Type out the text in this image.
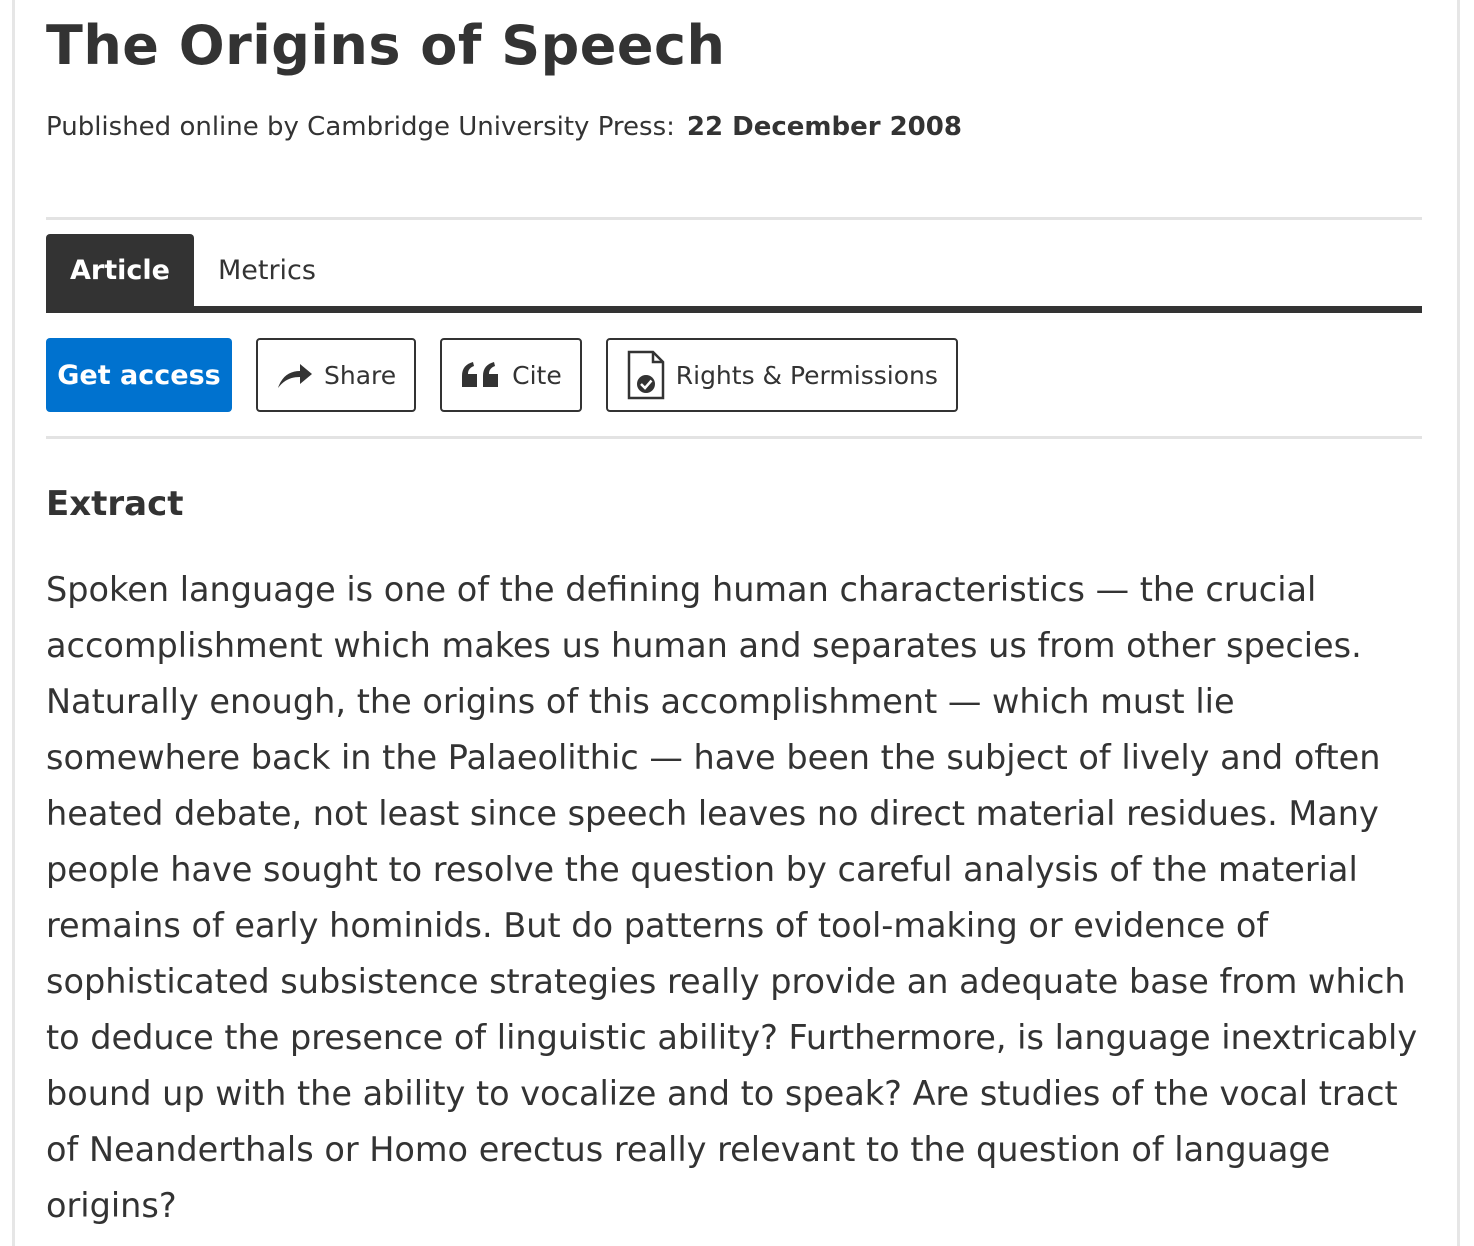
The Origins of Speech
Published online by Cambridge University Press: 22 December 2008
Article	Metrics
Get access	Share	Cite	Rights & Permissions
Extract

Spoken language is one of the defining human characteristics — the crucial accomplishment which makes us human and separates us from other species. Naturally enough, the origins of this accomplishment — which must lie somewhere back in the Palaeolithic — have been the subject of lively and often heated debate, not least since speech leaves no direct material residues. Many people have sought to resolve the question by careful analysis of the material remains of early hominids. But do patterns of tool-making or evidence of sophisticated subsistence strategies really provide an adequate base from which to deduce the presence of linguistic ability? Furthermore, is language inextricably bound up with the ability to vocalize and to speak? Are studies of the vocal tract of Neanderthals or Homo erectus really relevant to the question of language origins?
